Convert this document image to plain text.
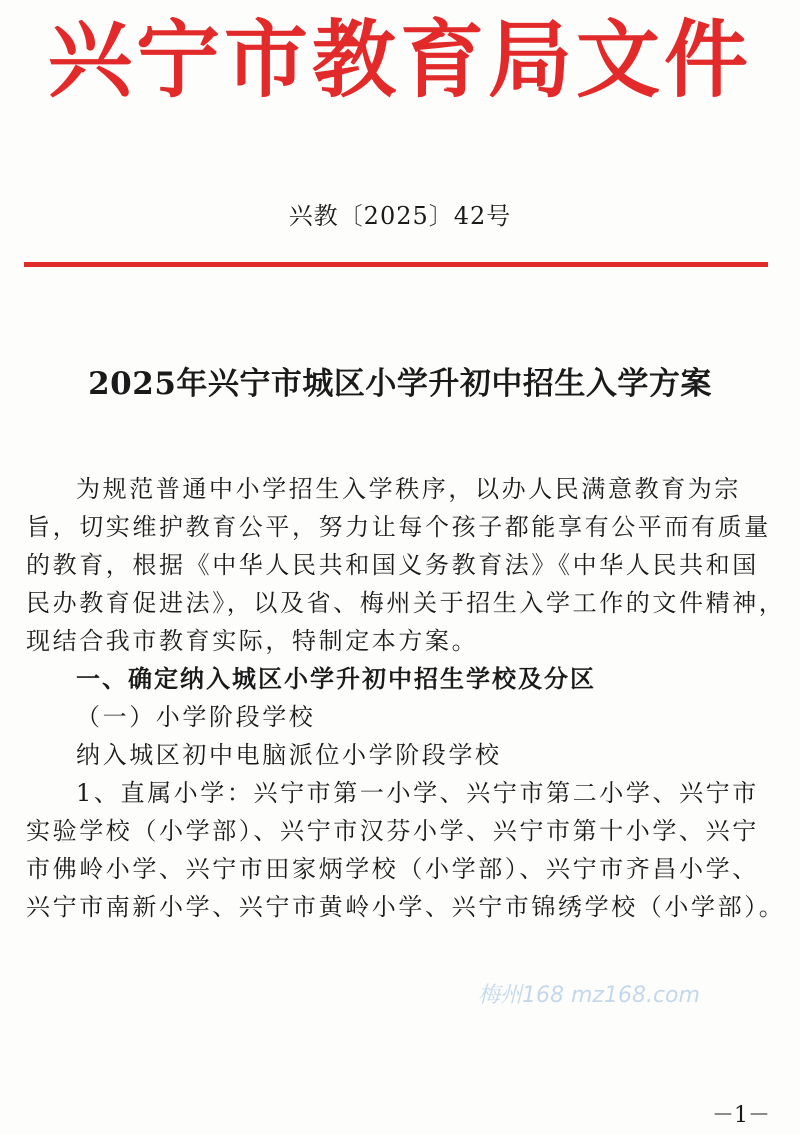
兴宁市教育局文件
兴教〔2025〕42号
2025年兴宁市城区小学升初中招生入学方案
为规范普通中小学招生入学秩序，以办人民满意教育为宗
旨，切实维护教育公平，努力让每个孩子都能享有公平而有质量
的教育，根据《中华人民共和国义务教育法》《中华人民共和国
民办教育促进法》，以及省、梅州关于招生入学工作的文件精神，
现结合我市教育实际，特制定本方案。
一、确定纳入城区小学升初中招生学校及分区
（一）小学阶段学校
纳入城区初中电脑派位小学阶段学校
1、直属小学：兴宁市第一小学、兴宁市第二小学、兴宁市
实验学校（小学部）、兴宁市汉芬小学、兴宁市第十小学、兴宁
市佛岭小学、兴宁市田家炳学校（小学部）、兴宁市齐昌小学、
兴宁市南新小学、兴宁市黄岭小学、兴宁市锦绣学校（小学部）。
梅州168 mz168.com
－1－
